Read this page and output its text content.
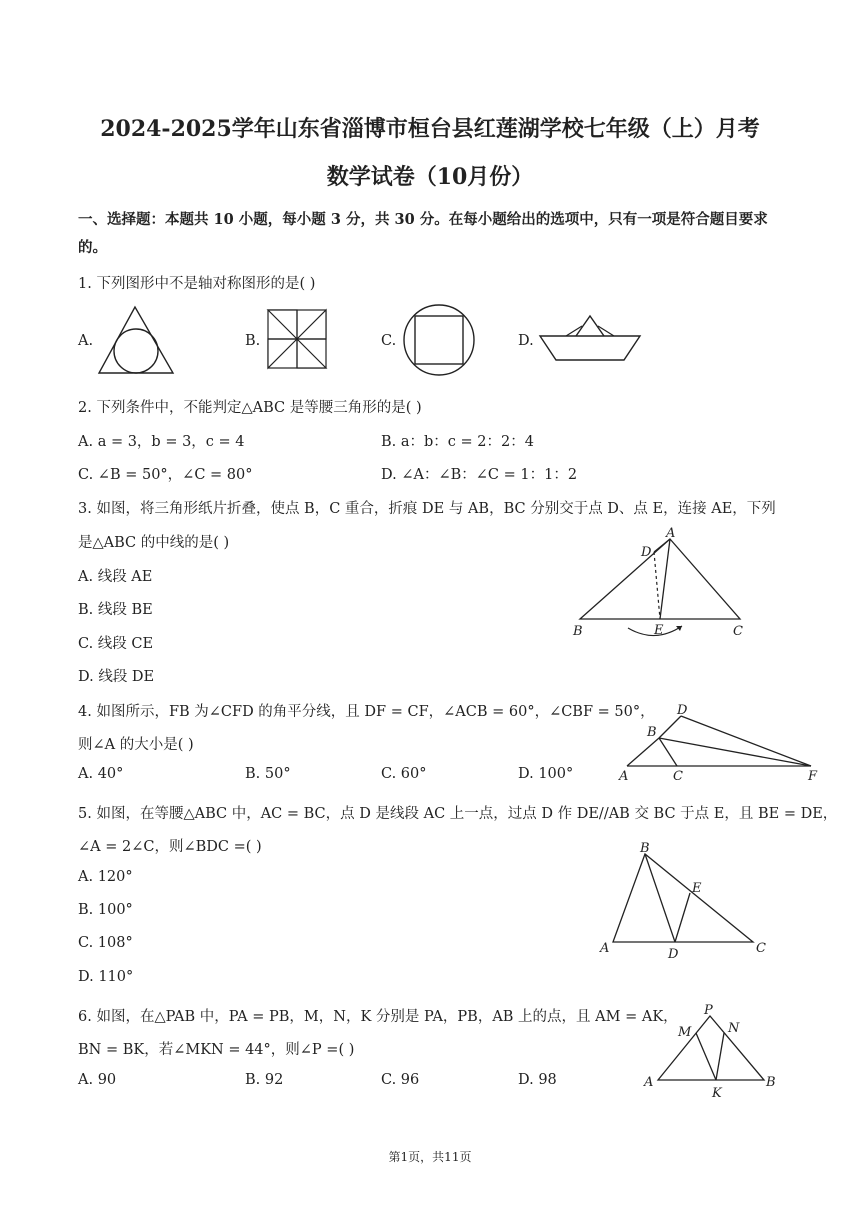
2024-2025学年山东省淄博市桓台县红莲湖学校七年级（上）月考
数学试卷（10月份）
一、选择题：本题共 10 小题，每小题 3 分，共 30 分。在每小题给出的选项中，只有一项是符合题目要求
的。
1. 下列图形中不是轴对称图形的是( )
A.	B.	C.	D.
2. 下列条件中，不能判定△ABC 是等腰三角形的是( )
A. a = 3，b = 3，c = 4	B. a：b：c = 2：2：4
C. ∠B = 50°，∠C = 80°	D. ∠A：∠B：∠C = 1：1：2
3. 如图，将三角形纸片折叠，使点 B，C 重合，折痕 DE 与 AB，BC 分别交于点 D、点 E，连接 AE，下列
是△ABC 的中线的是( )
A. 线段 AE
B. 线段 BE
C. 线段 CE
D. 线段 DE
A
D
B	E	C
4. 如图所示，FB 为∠CFD 的角平分线，且 DF = CF，∠ACB = 60°，∠CBF = 50°，
则∠A 的大小是( )
A. 40°	B. 50°	C. 60°	D. 100°
D
B
A	C	F
5. 如图，在等腰△ABC 中，AC = BC，点 D 是线段 AC 上一点，过点 D 作 DE//AB 交 BC 于点 E，且 BE = DE，
∠A = 2∠C，则∠BDC =( )
A. 120°
B. 100°
C. 108°
D. 110°
B
E
A	D	C
6. 如图，在△PAB 中，PA = PB，M，N，K 分别是 PA，PB，AB 上的点，且 AM = AK，
BN = BK，若∠MKN = 44°，则∠P =( )
A. 90	B. 92	C. 96	D. 98
P
M	N
A	B
K
第1页，共11页
